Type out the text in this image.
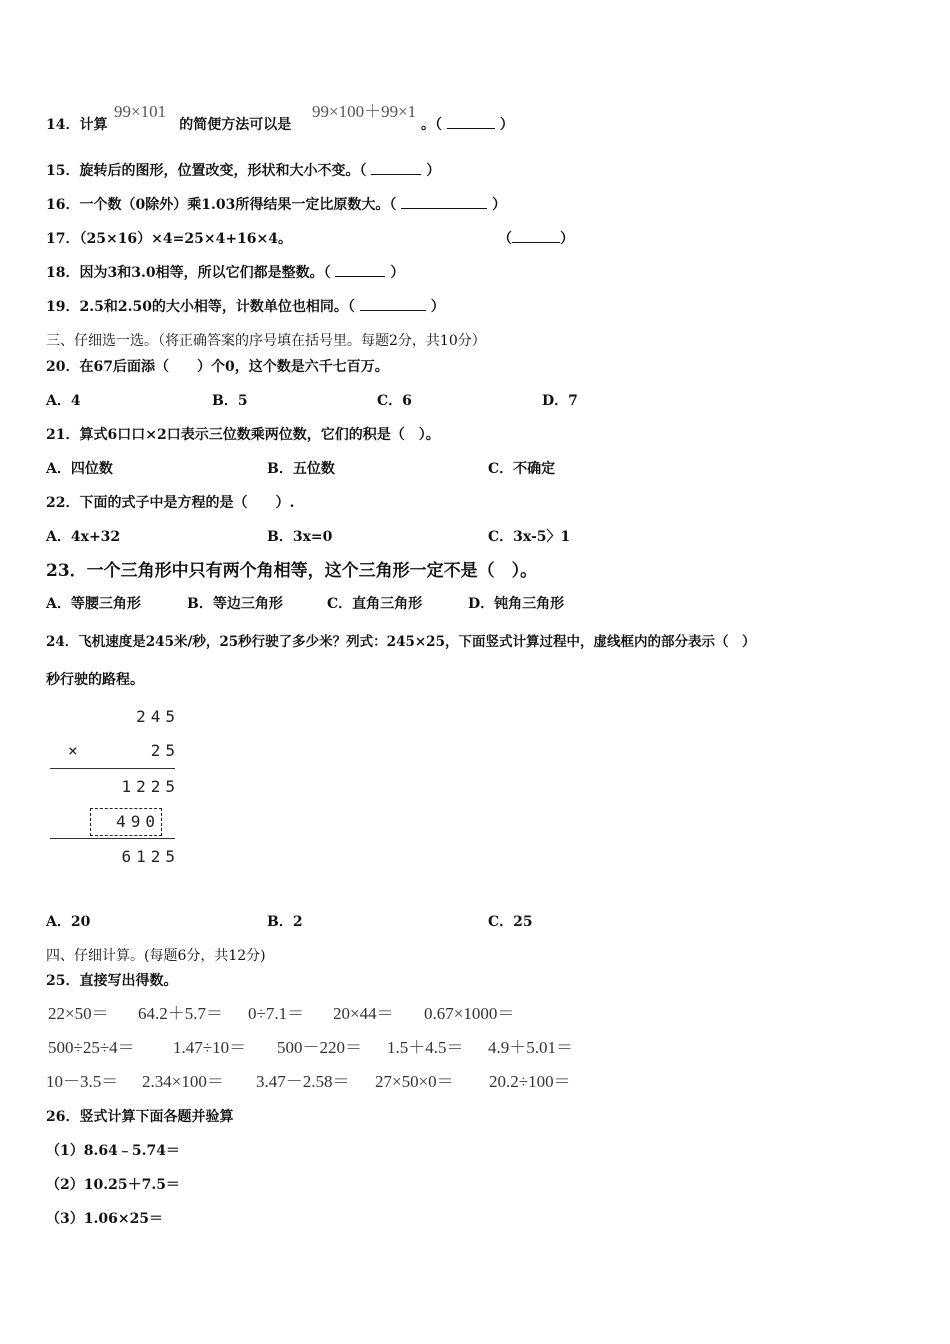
14．计算	的简便方法可以是	。（	）
99×101	99×100＋99×1
15．旋转后的图形，位置改变，形状和大小不变。（	）
16．一个数（0除外）乘1.03所得结果一定比原数大。（	）
17．（25×16）×4=25×4+16×4。	（	）
18．因为3和3.0相等，所以它们都是整数。（	）
19．2.5和2.50的大小相等，计数单位也相同。（	）
三、仔细选一选。（将正确答案的序号填在括号里。每题2分，共10分）
20．在67后面添（　　）个0，这个数是六千七百万。
A．4	B．5	C．6	D．7
21．算式6口口×2口表示三位数乘两位数，它们的积是（　）。
A．四位数	B．五位数	C．不确定
22．下面的式子中是方程的是（　　）.
A．4x+32	B．3x=0	C．3x-5〉1
23．一个三角形中只有两个角相等，这个三角形一定不是（　）。
A．等腰三角形	B．等边三角形	C．直角三角形	D．钝角三角形
24．飞机速度是245米/秒，25秒行驶了多少米？列式：245×25，下面竖式计算过程中，虚线框内的部分表示（　）
秒行驶的路程。
245
×	25
1225
490
6125
A．20	B．2	C．25
四、仔细计算。(每题6分，共12分)
25．直接写出得数。
22×50＝ 64.2＋5.7＝ 0÷7.1＝ 20×44＝ 0.67×1000＝
500÷25÷4＝ 1.47÷10＝ 500－220＝ 1.5＋4.5＝ 4.9＋5.01＝
10－3.5＝ 2.34×100＝ 3.47－2.58＝ 27×50×0＝ 20.2÷100＝
26．竖式计算下面各题并验算
（1）8.64﹣5.74＝
（2）10.25＋7.5＝
（3）1.06×25＝
